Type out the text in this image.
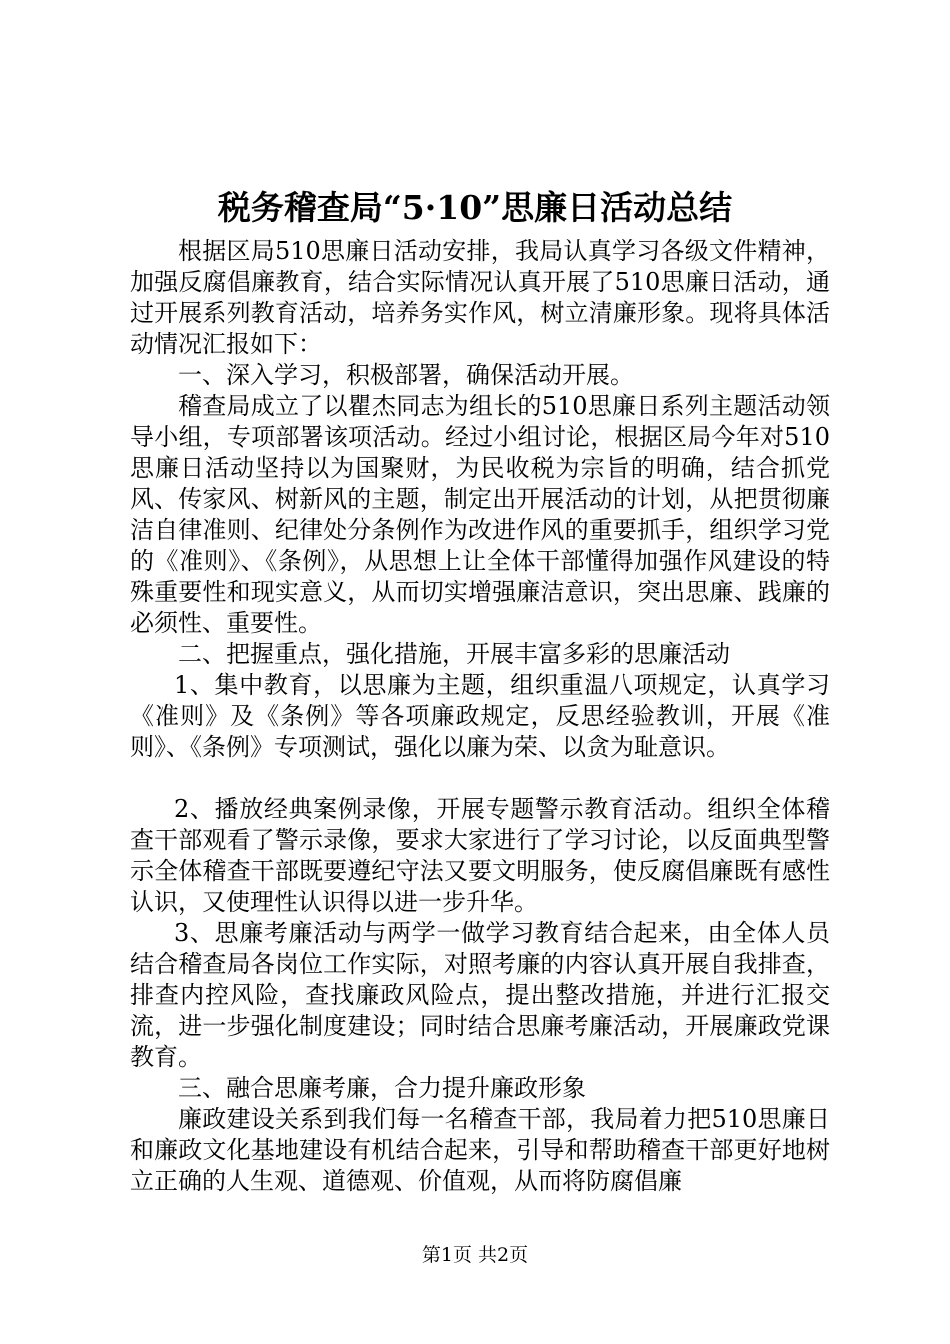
税务稽查局“5·10”思廉日活动总结

根据区局510思廉日活动安排，我局认真学习各级文件精神，加强反腐倡廉教育，结合实际情况认真开展了510思廉日活动，通过开展系列教育活动，培养务实作风，树立清廉形象。现将具体活动情况汇报如下：

一、深入学习，积极部署，确保活动开展。

稽查局成立了以瞿杰同志为组长的510思廉日系列主题活动领导小组，专项部署该项活动。经过小组讨论，根据区局今年对510思廉日活动坚持以为国聚财，为民收税为宗旨的明确，结合抓党风、传家风、树新风的主题，制定出开展活动的计划，从把贯彻廉洁自律准则、纪律处分条例作为改进作风的重要抓手，组织学习党的《准则》、《条例》，从思想上让全体干部懂得加强作风建设的特殊重要性和现实意义，从而切实增强廉洁意识，突出思廉、践廉的必须性、重要性。

二、把握重点，强化措施，开展丰富多彩的思廉活动

1、集中教育，以思廉为主题，组织重温八项规定，认真学习《准则》及《条例》等各项廉政规定，反思经验教训，开展《准则》、《条例》专项测试，强化以廉为荣、以贪为耻意识。

2、播放经典案例录像，开展专题警示教育活动。组织全体稽查干部观看了警示录像，要求大家进行了学习讨论，以反面典型警示全体稽查干部既要遵纪守法又要文明服务，使反腐倡廉既有感性认识，又使理性认识得以进一步升华。

3、思廉考廉活动与两学一做学习教育结合起来，由全体人员结合稽查局各岗位工作实际，对照考廉的内容认真开展自我排查，排查内控风险，查找廉政风险点，提出整改措施，并进行汇报交流，进一步强化制度建设；同时结合思廉考廉活动，开展廉政党课教育。

三、融合思廉考廉，合力提升廉政形象

廉政建设关系到我们每一名稽查干部，我局着力把510思廉日和廉政文化基地建设有机结合起来，引导和帮助稽查干部更好地树立正确的人生观、道德观、价值观，从而将防腐倡廉

第1页 共2页
